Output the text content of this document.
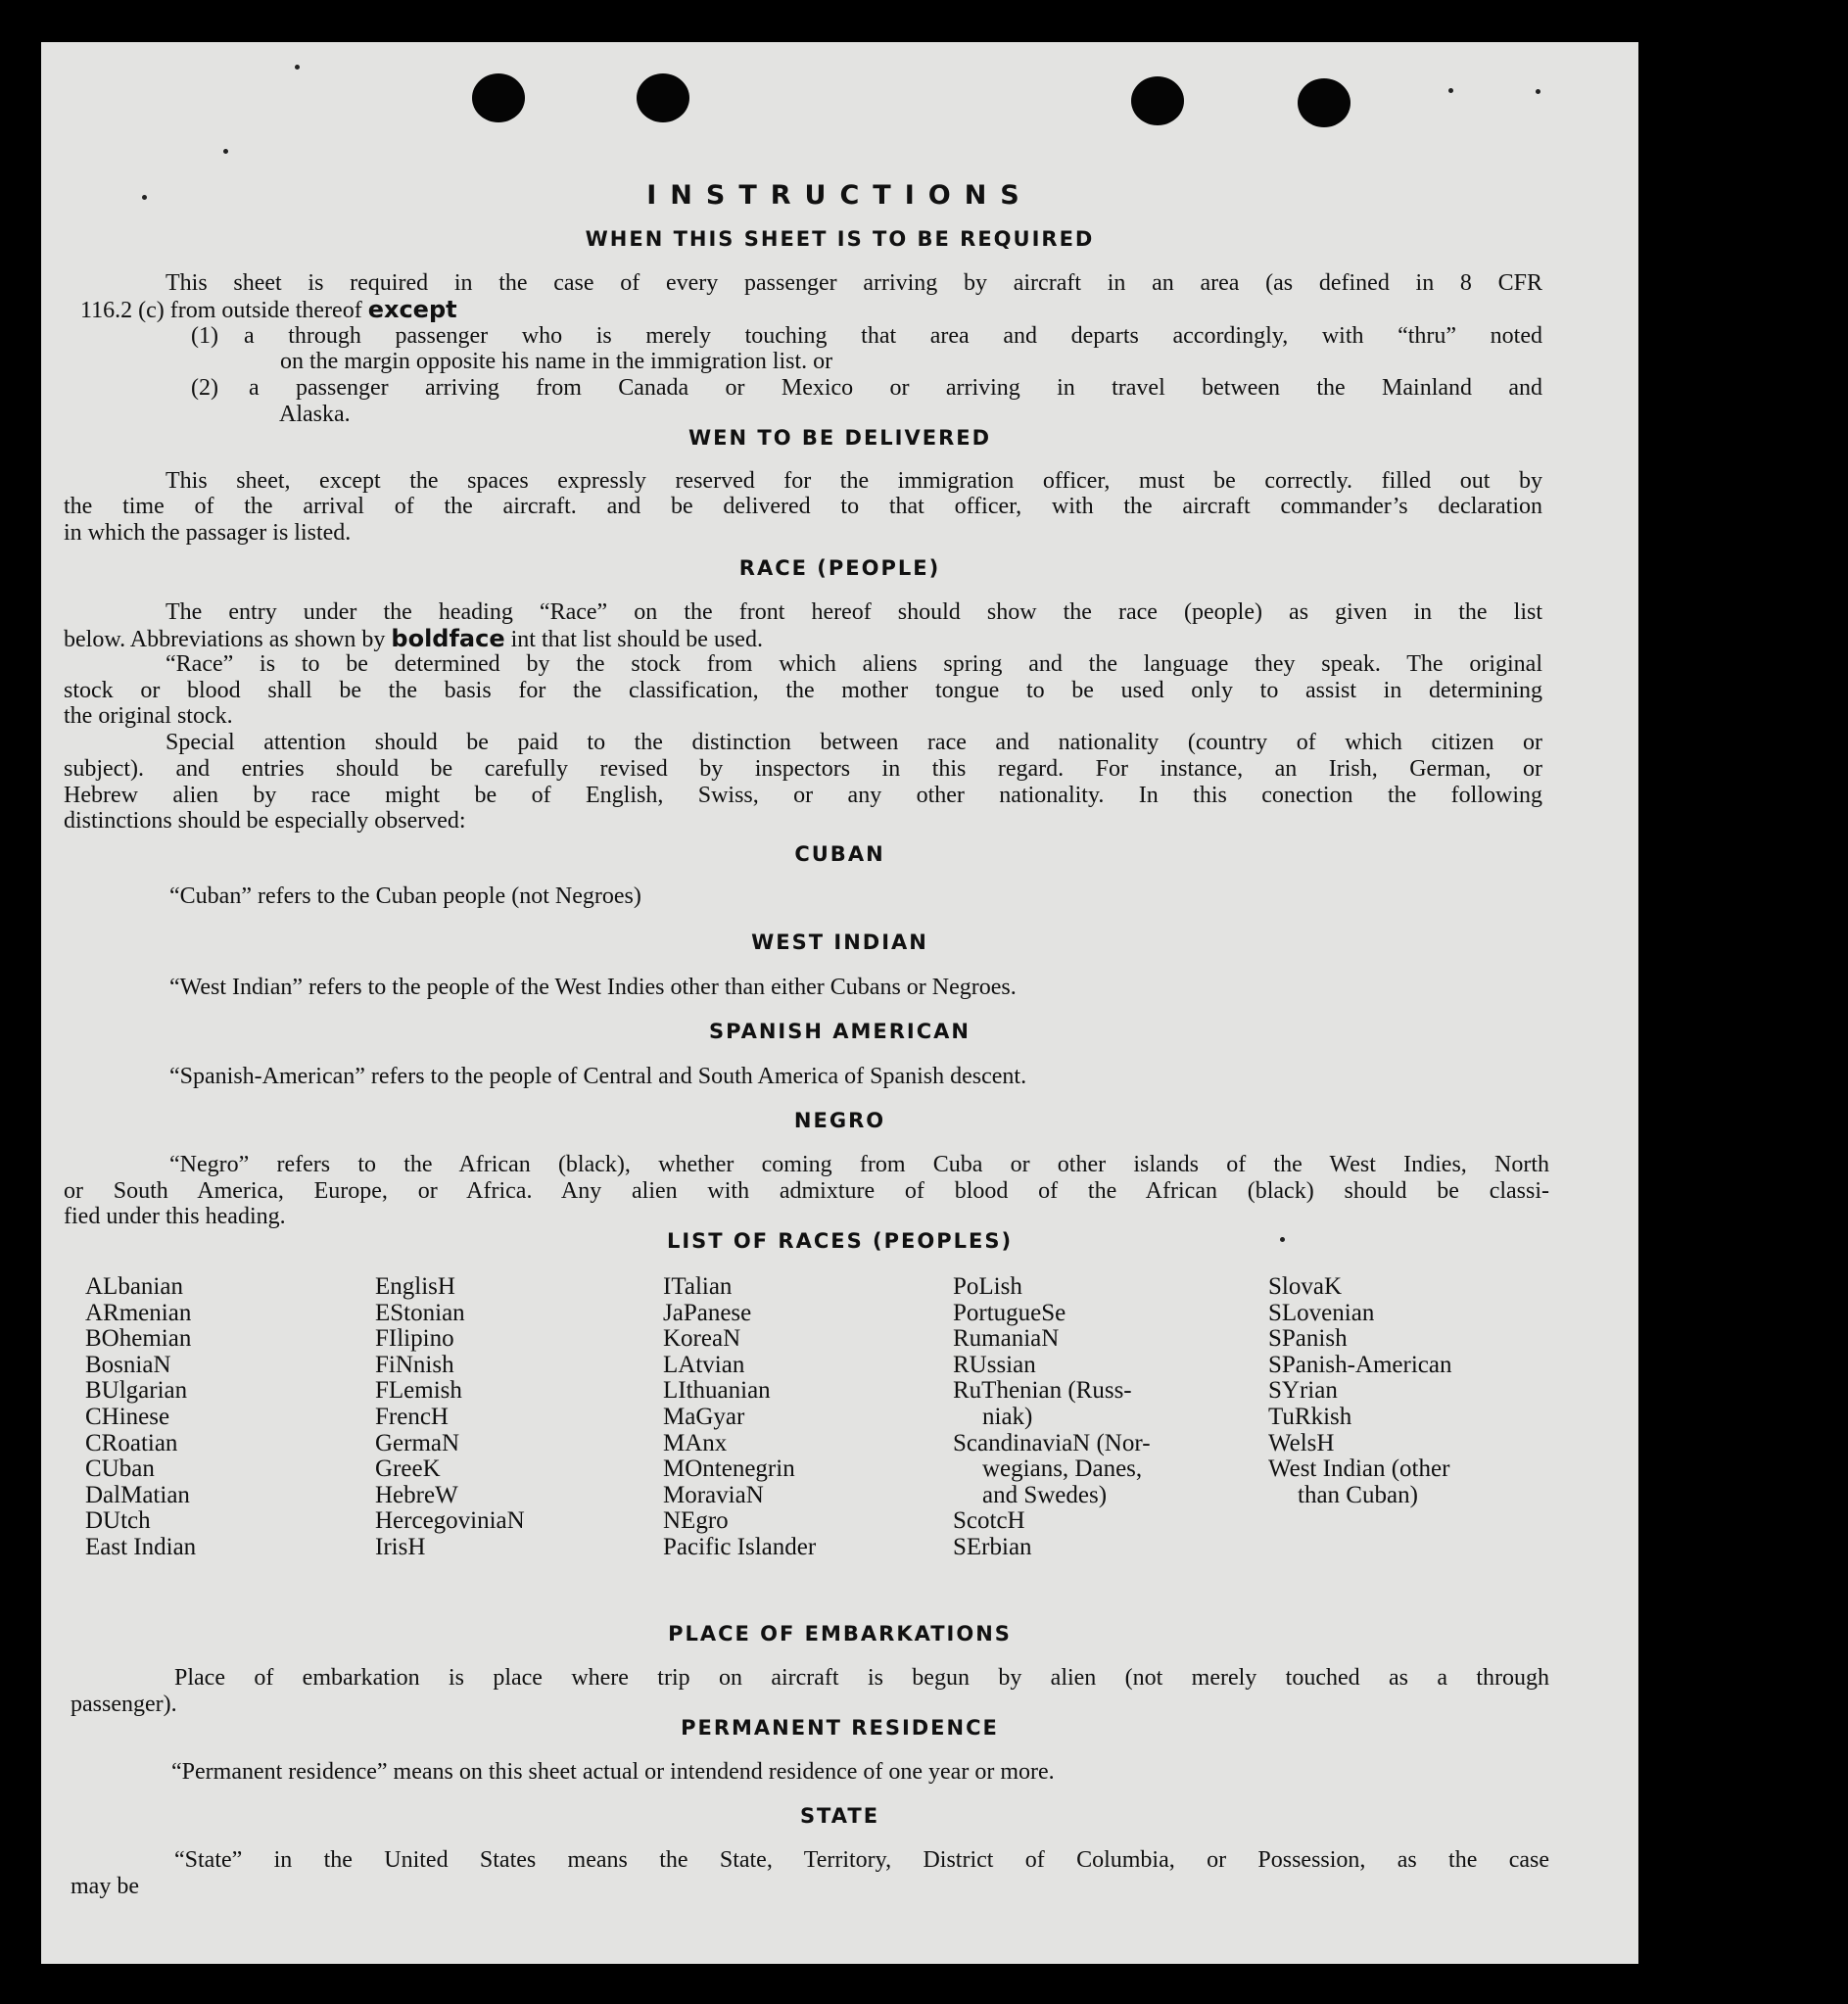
INSTRUCTIONS
WHEN THIS SHEET IS TO BE REQUIRED
This sheet is required in the case of every passenger arriving by aircraft in an area (as defined in 8 CFR
116.2 (c) from outside thereof except
(1) a through passenger who is merely touching that area and departs accordingly, with “thru” noted
on the margin opposite his name in the immigration list. or
(2) a passenger arriving from Canada or Mexico or arriving in travel between the Mainland and
Alaska.
WEN TO BE DELIVERED
This sheet, except the spaces expressly reserved for the immigration officer, must be correctly. filled out by
the time of the arrival of the aircraft. and be delivered to that officer, with the aircraft commander’s declaration
in which the passager is listed.
RACE (PEOPLE)
The entry under the heading “Race” on the front hereof should show the race (people) as given in the list
below. Abbreviations as shown by boldface int that list should be used.
“Race” is to be determined by the stock from which aliens spring and the language they speak. The original
stock or blood shall be the basis for the classification, the mother tongue to be used only to assist in determining
the original stock.
Special attention should be paid to the distinction between race and nationality (country of which citizen or
subject). and entries should be carefully revised by inspectors in this regard. For instance, an Irish, German, or
Hebrew alien by race might be of English, Swiss, or any other nationality. In this conection the following
distinctions should be especially observed:
CUBAN
“Cuban” refers to the Cuban people (not Negroes)
WEST INDIAN
“West Indian” refers to the people of the West Indies other than either Cubans or Negroes.
SPANISH AMERICAN
“Spanish-American” refers to the people of Central and South America of Spanish descent.
NEGRO
“Negro” refers to the African (black), whether coming from Cuba or other islands of the West Indies, North
or South America, Europe, or Africa. Any alien with admixture of blood of the African (black) should be classi-
fied under this heading.
LIST OF RACES (PEOPLES)
ALbanian
ARmenian
BOhemian
BosniaN
BUlgarian
CHinese
CRoatian
CUban
DalMatian
DUtch
East Indian
EnglisH
EStonian
FIlipino
FiNnish
FLemish
FrencH
GermaN
GreeK
HebreW
HercegoviniaN
IrisH
ITalian
JaPanese
KoreaN
LAtvian
LIthuanian
MaGyar
MAnx
MOntenegrin
MoraviaN
NEgro
Pacific Islander
PoLish
PortugueSe
RumaniaN
RUssian
RuThenian (Russ-
niak)
ScandinaviaN (Nor-
wegians, Danes,
and Swedes)
ScotcH
SErbian
SlovaK
SLovenian
SPanish
SPanish-American
SYrian
TuRkish
WelsH
West Indian (other
than Cuban)
PLACE OF EMBARKATIONS
Place of embarkation is place where trip on aircraft is begun by alien (not merely touched as a through
passenger).
PERMANENT RESIDENCE
“Permanent residence” means on this sheet actual or intendend residence of one year or more.
STATE
“State” in the United States means the State, Territory, District of Columbia, or Possession, as the case
may be
